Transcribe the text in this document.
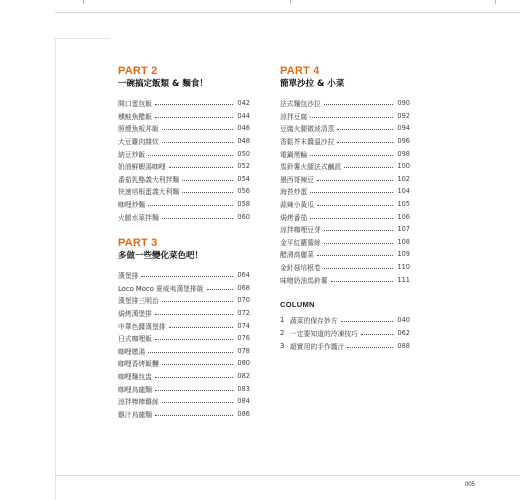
PART 2
一碗搞定飯類 & 麵食！
開口蛋包飯	042
燻鮭魚醋飯	044
照燒魚板丼飯	046
大豆雞肉雜炊	048
納豆炒飯	050
奶油鮮蝦湯咖哩	052
番茄乳酪義大利拌麵	054
快速培根蛋義大利麵	056
咖哩炒麵	058
火腿水菜拌麵	060
PART 3
多做一些變化菜色吧！
漢堡排	064
Loco Moco 夏威夷漢堡排飯	068
漢堡排三明治	070
焗烤漢堡排	072
中華色醬漢堡排	074
日式咖哩飯	076
咖哩燉湯	078
咖哩香烤飯糰	080
咖哩麵包盅	082
咖哩烏龍麵	083
涼拌棒棒雞絲	084
雞汁烏龍麵	086
PART 4
簡單沙拉 & 小菜
法式麵包沙拉	090
涼拌豆腐	092
豆腐火腿微波清蒸	094
香鬆芥末醬溫沙拉	096
電鍋黑輪	098
馬鈴薯火腿法式鹹派	100
墨西哥辣豆	102
海苔炒蛋	104
蒜辣小黃瓜	105
焗烤番茄	106
涼拌咖哩豆芽	107
金平紅蘿蔔絲	108
醋漬高麗菜	109
金針菇培根卷	110
味噌奶油馬鈴薯	111
COLUMN
1 蔬菜的保存妙方	040
2 一定要知道的冷凍技巧	062
3 超實用的手作醬汁	088
005
